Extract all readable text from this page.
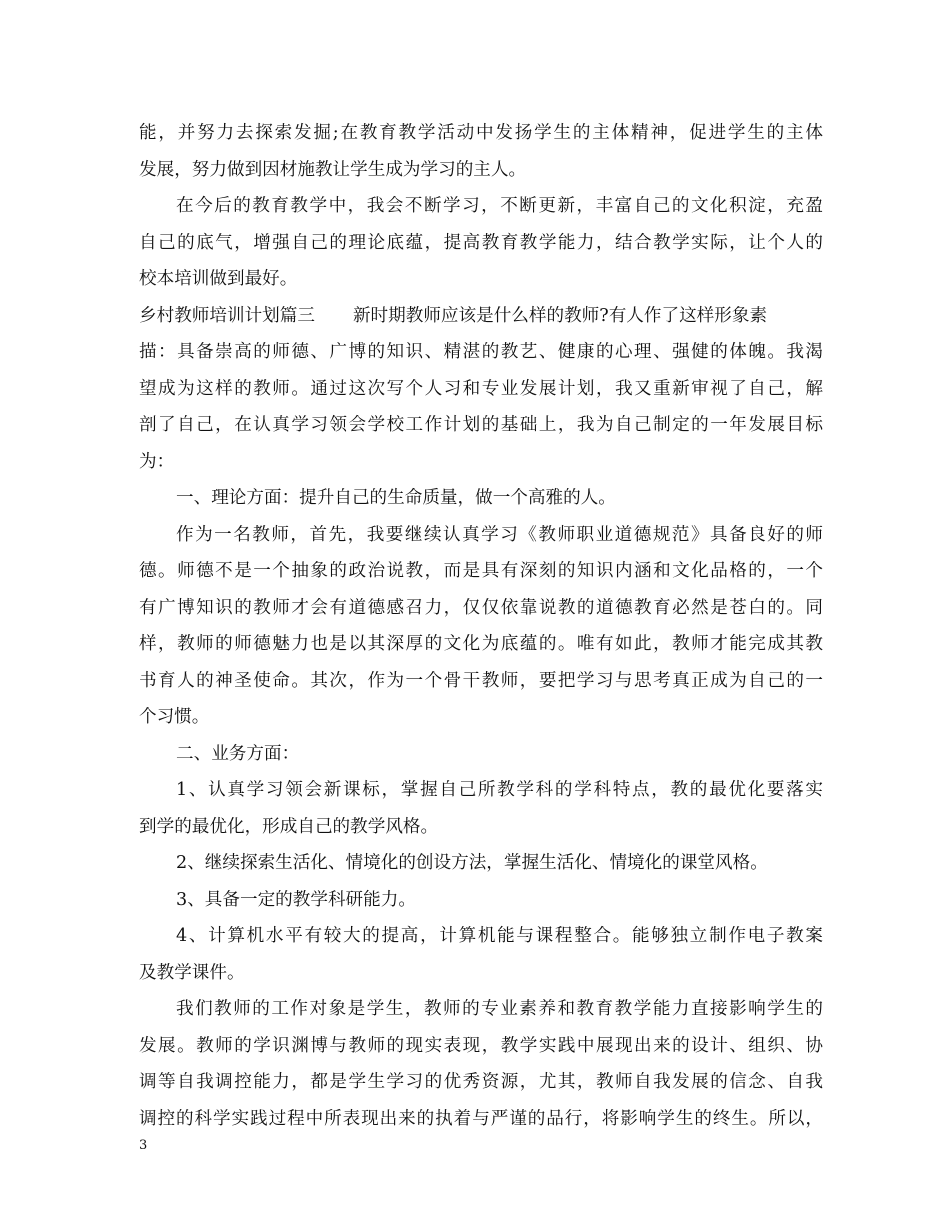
能，并努力去探索发掘;在教育教学活动中发扬学生的主体精神，促进学生的主体
发展，努力做到因材施教让学生成为学习的主人。
在今后的教育教学中，我会不断学习，不断更新，丰富自己的文化积淀，充盈
自己的底气，增强自己的理论底蕴，提高教育教学能力，结合教学实际，让个人的
校本培训做到最好。
乡村教师培训计划篇三 新时期教师应该是什么样的教师?有人作了这样形象素
描：具备崇高的师德、广博的知识、精湛的教艺、健康的心理、强健的体魄。我渴
望成为这样的教师。通过这次写个人习和专业发展计划，我又重新审视了自己，解
剖了自己，在认真学习领会学校工作计划的基础上，我为自己制定的一年发展目标
为：
一、理论方面：提升自己的生命质量，做一个高雅的人。
作为一名教师，首先，我要继续认真学习《教师职业道德规范》具备良好的师
德。师德不是一个抽象的政治说教，而是具有深刻的知识内涵和文化品格的，一个
有广博知识的教师才会有道德感召力，仅仅依靠说教的道德教育必然是苍白的。同
样，教师的师德魅力也是以其深厚的文化为底蕴的。唯有如此，教师才能完成其教
书育人的神圣使命。其次，作为一个骨干教师，要把学习与思考真正成为自己的一
个习惯。
二、业务方面：
1、认真学习领会新课标，掌握自己所教学科的学科特点，教的最优化要落实
到学的最优化，形成自己的教学风格。
2、继续探索生活化、情境化的创设方法，掌握生活化、情境化的课堂风格。
3、具备一定的教学科研能力。
4、计算机水平有较大的提高，计算机能与课程整合。能够独立制作电子教案
及教学课件。
我们教师的工作对象是学生，教师的专业素养和教育教学能力直接影响学生的
发展。教师的学识渊博与教师的现实表现，教学实践中展现出来的设计、组织、协
调等自我调控能力，都是学生学习的优秀资源，尤其，教师自我发展的信念、自我
调控的科学实践过程中所表现出来的执着与严谨的品行，将影响学生的终生。所以，
3
